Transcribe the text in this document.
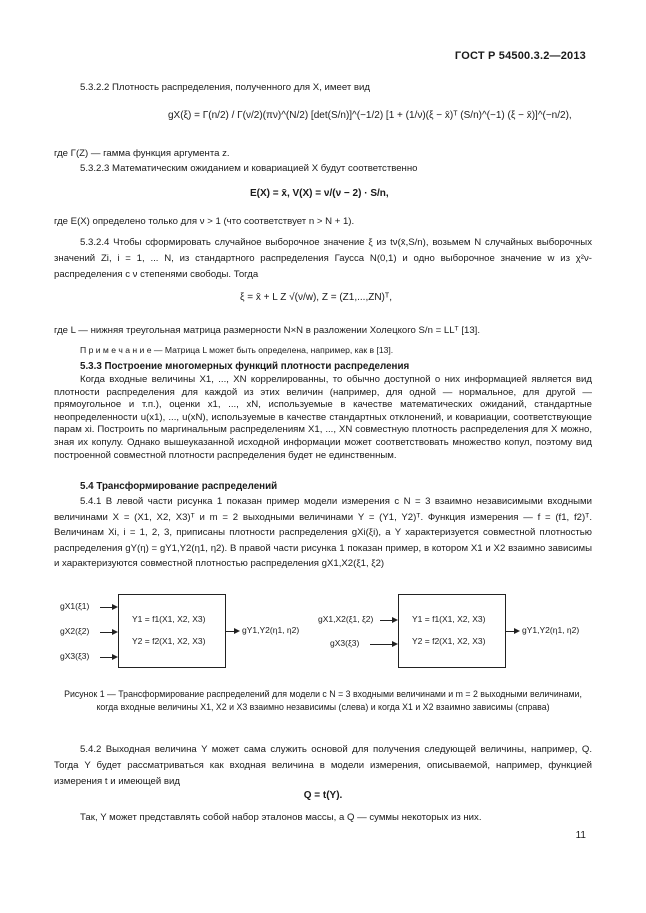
ГОСТ Р 54500.3.2—2013
5.3.2.2 Плотность распределения, полученного для X, имеет вид
gX(ξ) = Γ(n/2) / Γ(ν/2)(πν)^(N/2) [det(S/n)]^(−1/2) [1 + (1/ν)(ξ − x̄)ᵀ (S/n)^(−1) (ξ − x̄)]^(−n/2),
где Γ(Z) — гамма функция аргумента z.
5.3.2.3 Математическим ожиданием и ковариацией X будут соответственно
E(X) = x̄, V(X) = ν/(ν − 2) · S/n,
где E(X) определено только для ν > 1 (что соответствует n > N + 1).
5.3.2.4 Чтобы сформировать случайное выборочное значение ξ из tν(x̄,S/n), возьмем N случайных выборочных значений Zi, i = 1, ... N, из стандартного распределения Гаусса N(0,1) и одно выборочное значение w из χ²ν-распределения с ν степенями свободы. Тогда
ξ = x̄ + L Z √(ν/w), Z = (Z1,...,ZN)ᵀ,
где L — нижняя треугольная матрица размерности N×N в разложении Холецкого S/n = LLᵀ [13].
П р и м е ч а н и е — Матрица L может быть определена, например, как в [13].
5.3.3 Построение многомерных функций плотности распределения
Когда входные величины X1, ..., XN коррелированны, то обычно доступной о них информацией является вид плотности распределения для каждой из этих величин (например, для одной — нормальное, для другой — прямоугольное и т.п.), оценки x1, ..., xN, используемые в качестве математических ожиданий, стандартные неопределенности u(x1), ..., u(xN), используемые в качестве стандартных отклонений, и ковариации, соответствующие парам xi. Построить по маргинальным распределениям X1, ..., XN совместную плотность распределения для X можно, зная их копулу. Однако вышеуказанной исходной информации может соответствовать множество копул, поэтому вид построенной совместной плотности распределения будет не единственным.
5.4 Трансформирование распределений
5.4.1 В левой части рисунка 1 показан пример модели измерения с N = 3 взаимно независимыми входными величинами X = (X1, X2, X3)ᵀ и m = 2 выходными величинами Y = (Y1, Y2)ᵀ. Функция измерения — f = (f1, f2)ᵀ. Величинам Xi, i = 1, 2, 3, приписаны плотности распределения gXi(ξi), а Y характеризуется совместной плотностью распределения gY(η) = gY1,Y2(η1, η2). В правой части рисунка 1 показан пример, в котором X1 и X2 взаимно зависимы и характеризуются совместной плотностью распределения gX1,X2(ξ1, ξ2)
gX1(ξ1)
gX2(ξ2)
gX3(ξ3)
Y1 = f1(X1, X2, X3)
Y2 = f2(X1, X2, X3)
gY1,Y2(η1, η2)
gX1,X2(ξ1, ξ2)
gX3(ξ3)
Y1 = f1(X1, X2, X3)
Y2 = f2(X1, X2, X3)
gY1,Y2(η1, η2)
Рисунок 1 — Трансформирование распределений для модели с N = 3 входными величинами и m = 2 выходными величинами, когда входные величины X1, X2 и X3 взаимно независимы (слева) и когда X1 и X2 взаимно зависимы (справа)
5.4.2 Выходная величина Y может сама служить основой для получения следующей величины, например, Q. Тогда Y будет рассматриваться как входная величина в модели измерения, описываемой, например, функцией измерения t и имеющей вид
Q = t(Y).
Так, Y может представлять собой набор эталонов массы, а Q — суммы некоторых из них.
11
